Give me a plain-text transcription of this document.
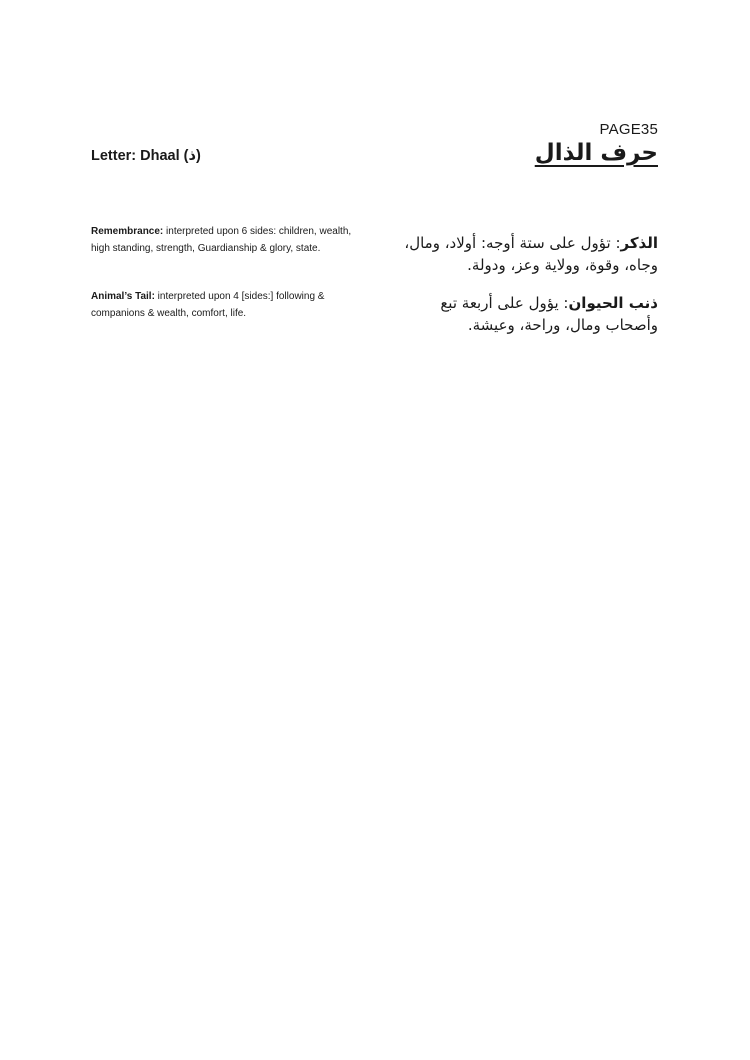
PAGE35
Letter: Dhaal (ذ)	حرف الذال
Remembrance: interpreted upon 6 sides: children, wealth, high standing, strength, Guardianship & glory, state.
Animal’s Tail: interpreted upon 4 [sides:] following & companions & wealth, comfort, life.
الذكر: تؤول على ستة أوجه: أولاد، ومال، وجاه، وقوة، وولاية وعز، ودولة.
ذنب الحيوان: يؤول على أربعة تبع وأصحاب ومال، وراحة، وعيشة.
